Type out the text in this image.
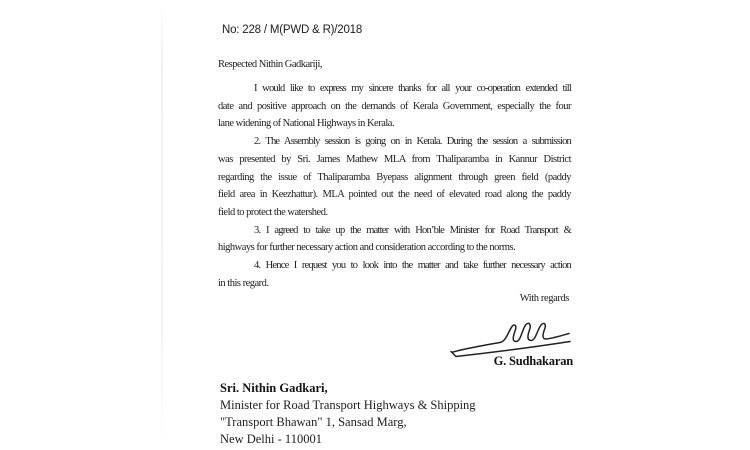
No: 228 / M(PWD & R)/2018
Respected Nithin Gadkariji,
I would like to express my sincere thanks for all your co-operation extended till
date and positive approach on the demands of Kerala Government, especially the four
lane widening of National Highways in Kerala.
2. The Assembly session is going on in Kerala. During the session a submission
was presented by Sri. James Mathew MLA from Thaliparamba in Kannur District
regarding the issue of Thaliparamba Byepass alignment through green field (paddy
field area in Keezhattur). MLA pointed out the need of elevated road along the paddy
field to protect the watershed.
3. I agreed to take up the matter with Hon’ble Minister for Road Transport &
highways for further necessary action and consideration according to the norms.
4. Hence I request you to look into the matter and take further necessary action
in this regard.
With regards
G. Sudhakaran
Sri. Nithin Gadkari,
Minister for Road Transport Highways & Shipping
"Transport Bhawan" 1, Sansad Marg,
New Delhi - 110001
